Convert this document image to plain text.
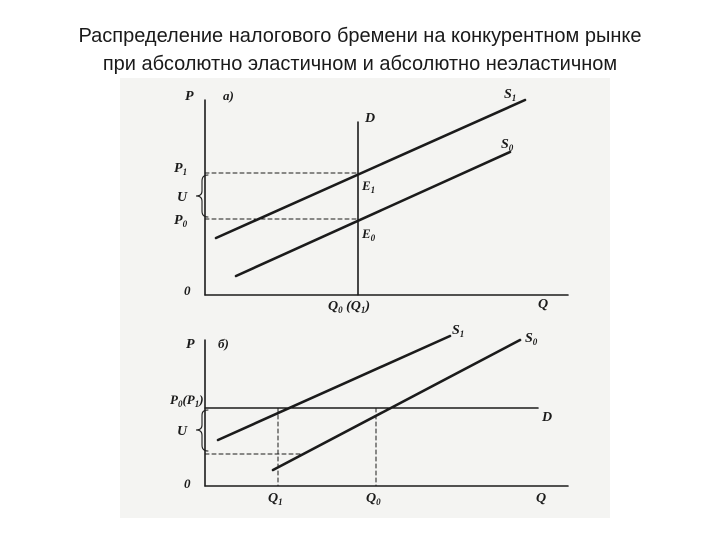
Распределение налогового бремени на конкурентном рынке
при абсолютно эластичном и абсолютно неэластичном
P a)
D
$S_1$
$S_0$
$E_1$
$E_0$
$P_1$
U
$P_0$
0
$Q_0$ $(Q_1)$	Q
P б)
$S_1$	$S_0$
D
$P_0(P_1)$
U
0
$Q_1$	$Q_0$	Q
